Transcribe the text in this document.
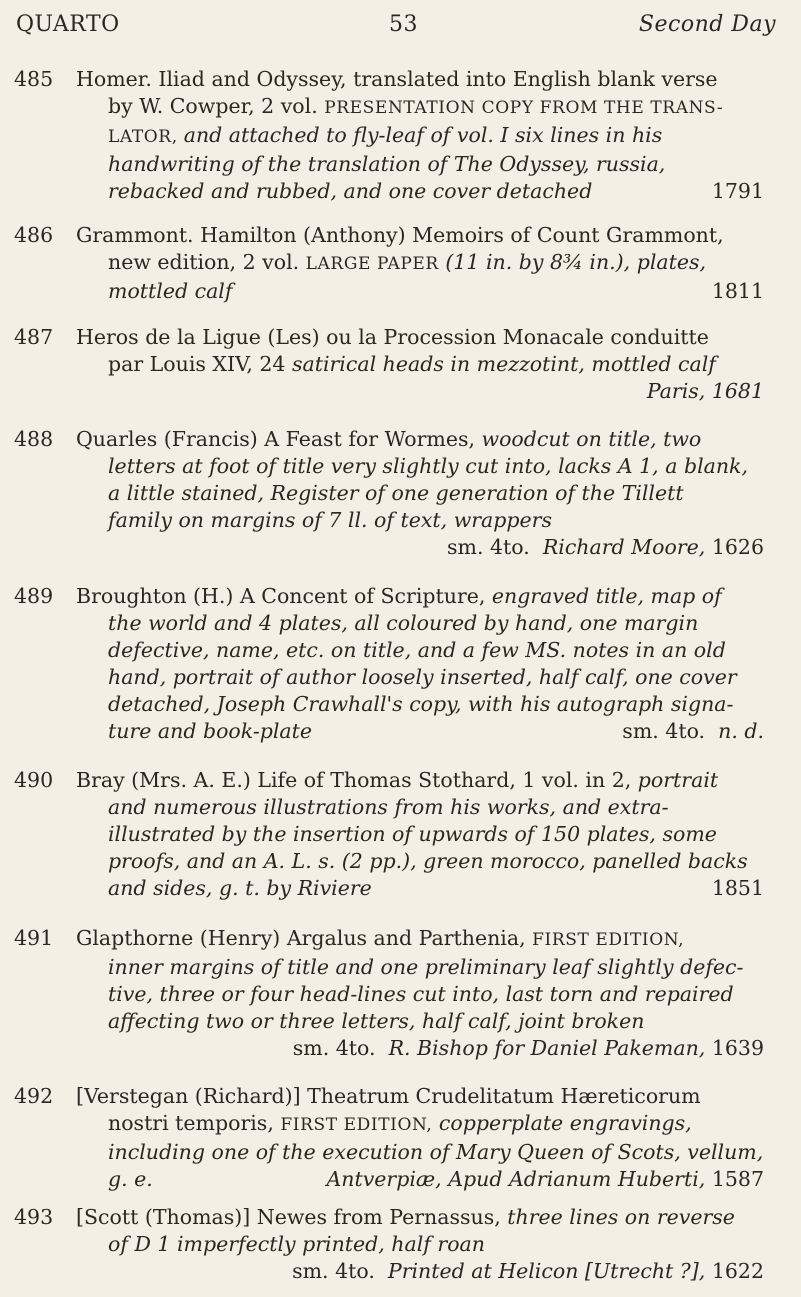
QUARTO	53	Second Day
485	Homer. Iliad and Odyssey, translated into English blank verse
by W. Cowper, 2 vol. PRESENTATION COPY FROM THE TRANS-
LATOR, and attached to fly-leaf of vol. I six lines in his
handwriting of the translation of The Odyssey, russia,
rebacked and rubbed, and one cover detached	1791
486	Grammont. Hamilton (Anthony) Memoirs of Count Grammont,
new edition, 2 vol. LARGE PAPER (11 in. by 8¾ in.), plates,
mottled calf	1811
487	Heros de la Ligue (Les) ou la Procession Monacale conduitte
par Louis XIV, 24 satirical heads in mezzotint, mottled calf
Paris, 1681
488	Quarles (Francis) A Feast for Wormes, woodcut on title, two
letters at foot of title very slightly cut into, lacks A 1, a blank,
a little stained, Register of one generation of the Tillett
family on margins of 7 ll. of text, wrappers
sm. 4to. Richard Moore, 1626
489	Broughton (H.) A Concent of Scripture, engraved title, map of
the world and 4 plates, all coloured by hand, one margin
defective, name, etc. on title, and a few MS. notes in an old
hand, portrait of author loosely inserted, half calf, one cover
detached, Joseph Crawhall's copy, with his autograph signa-
ture and book-plate	sm. 4to. n. d.
490	Bray (Mrs. A. E.) Life of Thomas Stothard, 1 vol. in 2, portrait
and numerous illustrations from his works, and extra-
illustrated by the insertion of upwards of 150 plates, some
proofs, and an A. L. s. (2 pp.), green morocco, panelled backs
and sides, g. t. by Riviere	1851
491	Glapthorne (Henry) Argalus and Parthenia, FIRST EDITION,
inner margins of title and one preliminary leaf slightly defec-
tive, three or four head-lines cut into, last torn and repaired
affecting two or three letters, half calf, joint broken
sm. 4to. R. Bishop for Daniel Pakeman, 1639
492	[Verstegan (Richard)] Theatrum Crudelitatum Hæreticorum
nostri temporis, FIRST EDITION, copperplate engravings,
including one of the execution of Mary Queen of Scots, vellum,
g. e.	Antverpiæ, Apud Adrianum Huberti, 1587
493	[Scott (Thomas)] Newes from Pernassus, three lines on reverse
of D 1 imperfectly printed, half roan
sm. 4to. Printed at Helicon [Utrecht ?], 1622
